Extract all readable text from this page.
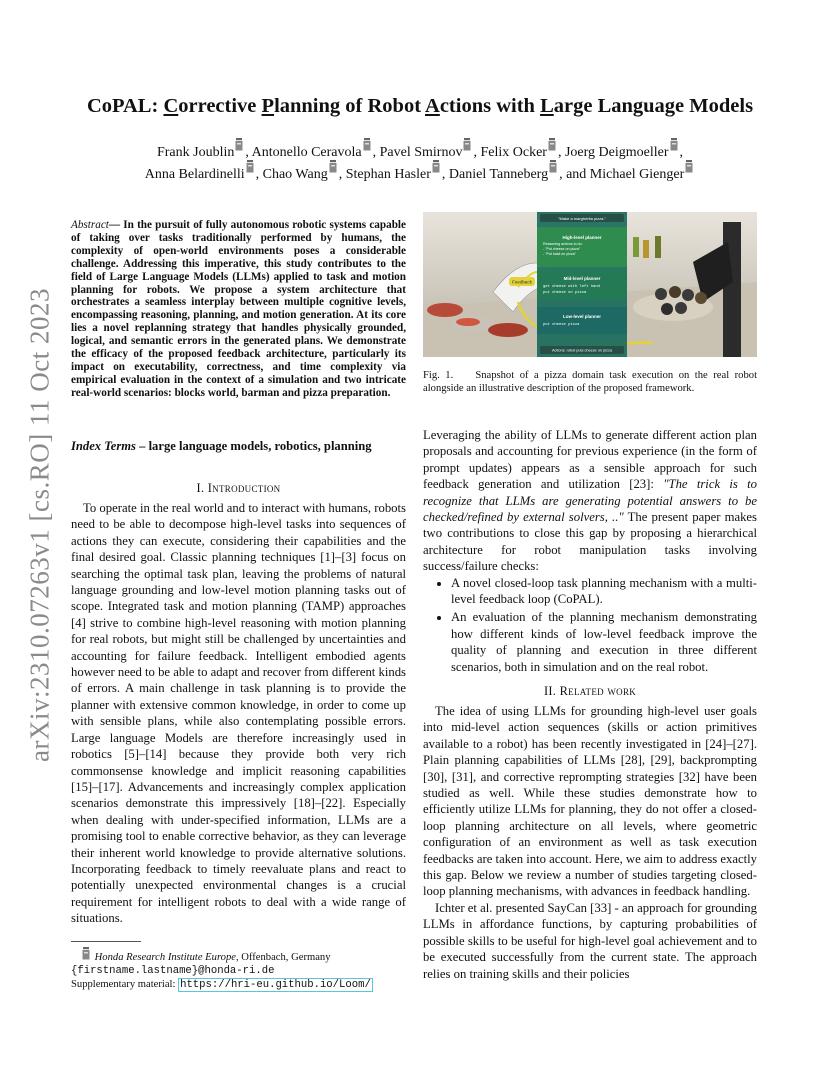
arXiv:2310.07263v1 [cs.RO] 11 Oct 2023
CoPAL: Corrective Planning of Robot Actions with Large Language Models
Frank Joublin , Antonello Ceravola , Pavel Smirnov , Felix Ocker , Joerg Deigmoeller ,
Anna Belardinelli , Chao Wang , Stephan Hasler , Daniel Tanneberg , and Michael Gienger
Abstract— In the pursuit of fully autonomous robotic systems capable of taking over tasks traditionally performed by humans, the complexity of open-world environments poses a considerable challenge. Addressing this imperative, this study contributes to the field of Large Language Models (LLMs) applied to task and motion planning for robots. We propose a system architecture that orchestrates a seamless interplay between multiple cognitive levels, encompassing reasoning, planning, and motion generation. At its core lies a novel replanning strategy that handles physically grounded, logical, and semantic errors in the generated plans. We demonstrate the efficacy of the proposed feedback architecture, particularly its impact on executability, correctness, and time complexity via empirical evaluation in the context of a simulation and two intricate real-world scenarios: blocks world, barman and pizza preparation.
Index Terms – large language models, robotics, planning
I. Introduction

To operate in the real world and to interact with humans, robots need to be able to decompose high-level tasks into sequences of actions they can execute, considering their capabilities and the final desired goal. Classic planning techniques [1]–[3] focus on searching the optimal task plan, leaving the problems of natural language grounding and low-level motion planning tasks out of scope. Integrated task and motion planning (TAMP) approaches [4] strive to combine high-level reasoning with motion planning for real robots, but might still be challenged by uncertainties and accounting for failure feedback. Intelligent embodied agents however need to be able to adapt and recover from different kinds of errors. A main challenge in task planning is to provide the planner with extensive common knowledge, in order to come up with sensible plans, while also contemplating possible errors. Large language Models are therefore increasingly used in robotics [5]–[14] because they provide both very rich commonsense knowledge and implicit reasoning capabilities [15]–[17]. Advancements and increasingly complex application scenarios demonstrate this impressively [18]–[22]. Especially when dealing with under-specified information, LLMs are a promising tool to enable corrective behavior, as they can leverage their inherent world knowledge to provide alternative solutions. Incorporating feedback to timely reevaluate plans and react to potentially unexpected environmental changes is a crucial requirement for intelligent robots to deal with a wide range of situations.

Honda Research Institute Europe, Offenbach, Germany
{firstname.lastname}@honda-ri.de
Supplementary material: https://hri-eu.github.io/Loom/
"Make a margherita pizza."
High-level planner
Reasoning actions to do:
- "Put cheese on pizza"
- "Put basil on pizza"
Mid-level planner
get cheese with left hand
put cheese on pizza
Low-level planner
put cheese pizza
Feedback
Actions: robot puts cheese on pizza
Fig. 1. Snapshot of a pizza domain task execution on the real robot alongside an illustrative description of the proposed framework.

Leveraging the ability of LLMs to generate different action plan proposals and accounting for previous experience (in the form of prompt updates) appears as a sensible approach for such feedback generation and utilization [23]: "The trick is to recognize that LLMs are generating potential answers to be checked/refined by external solvers, .." The present paper makes two contributions to close this gap by proposing a hierarchical architecture for robot manipulation tasks involving success/failure checks:

• A novel closed-loop task planning mechanism with a multi-level feedback loop (CoPAL).
• An evaluation of the planning mechanism demonstrating how different kinds of low-level feedback improve the quality of planning and execution in three different scenarios, both in simulation and on the real robot.
II. Related work

The idea of using LLMs for grounding high-level user goals into mid-level action sequences (skills or action primitives available to a robot) has been recently investigated in [24]–[27]. Plain planning capabilities of LLMs [28], [29], backprompting [30], [31], and corrective reprompting strategies [32] have been studied as well. While these studies demonstrate how to efficiently utilize LLMs for planning, they do not offer a closed-loop planning architecture on all levels, where geometric configuration of an environment as well as task execution feedbacks are taken into account. Here, we aim to address exactly this gap. Below we review a number of studies targeting closed-loop planning mechanisms, with advances in feedback handling.

Ichter et al. presented SayCan [33] - an approach for grounding LLMs in affordance functions, by capturing probabilities of possible skills to be useful for high-level goal achievement and to be executed successfully from the current state. The approach relies on training skills and their policies
